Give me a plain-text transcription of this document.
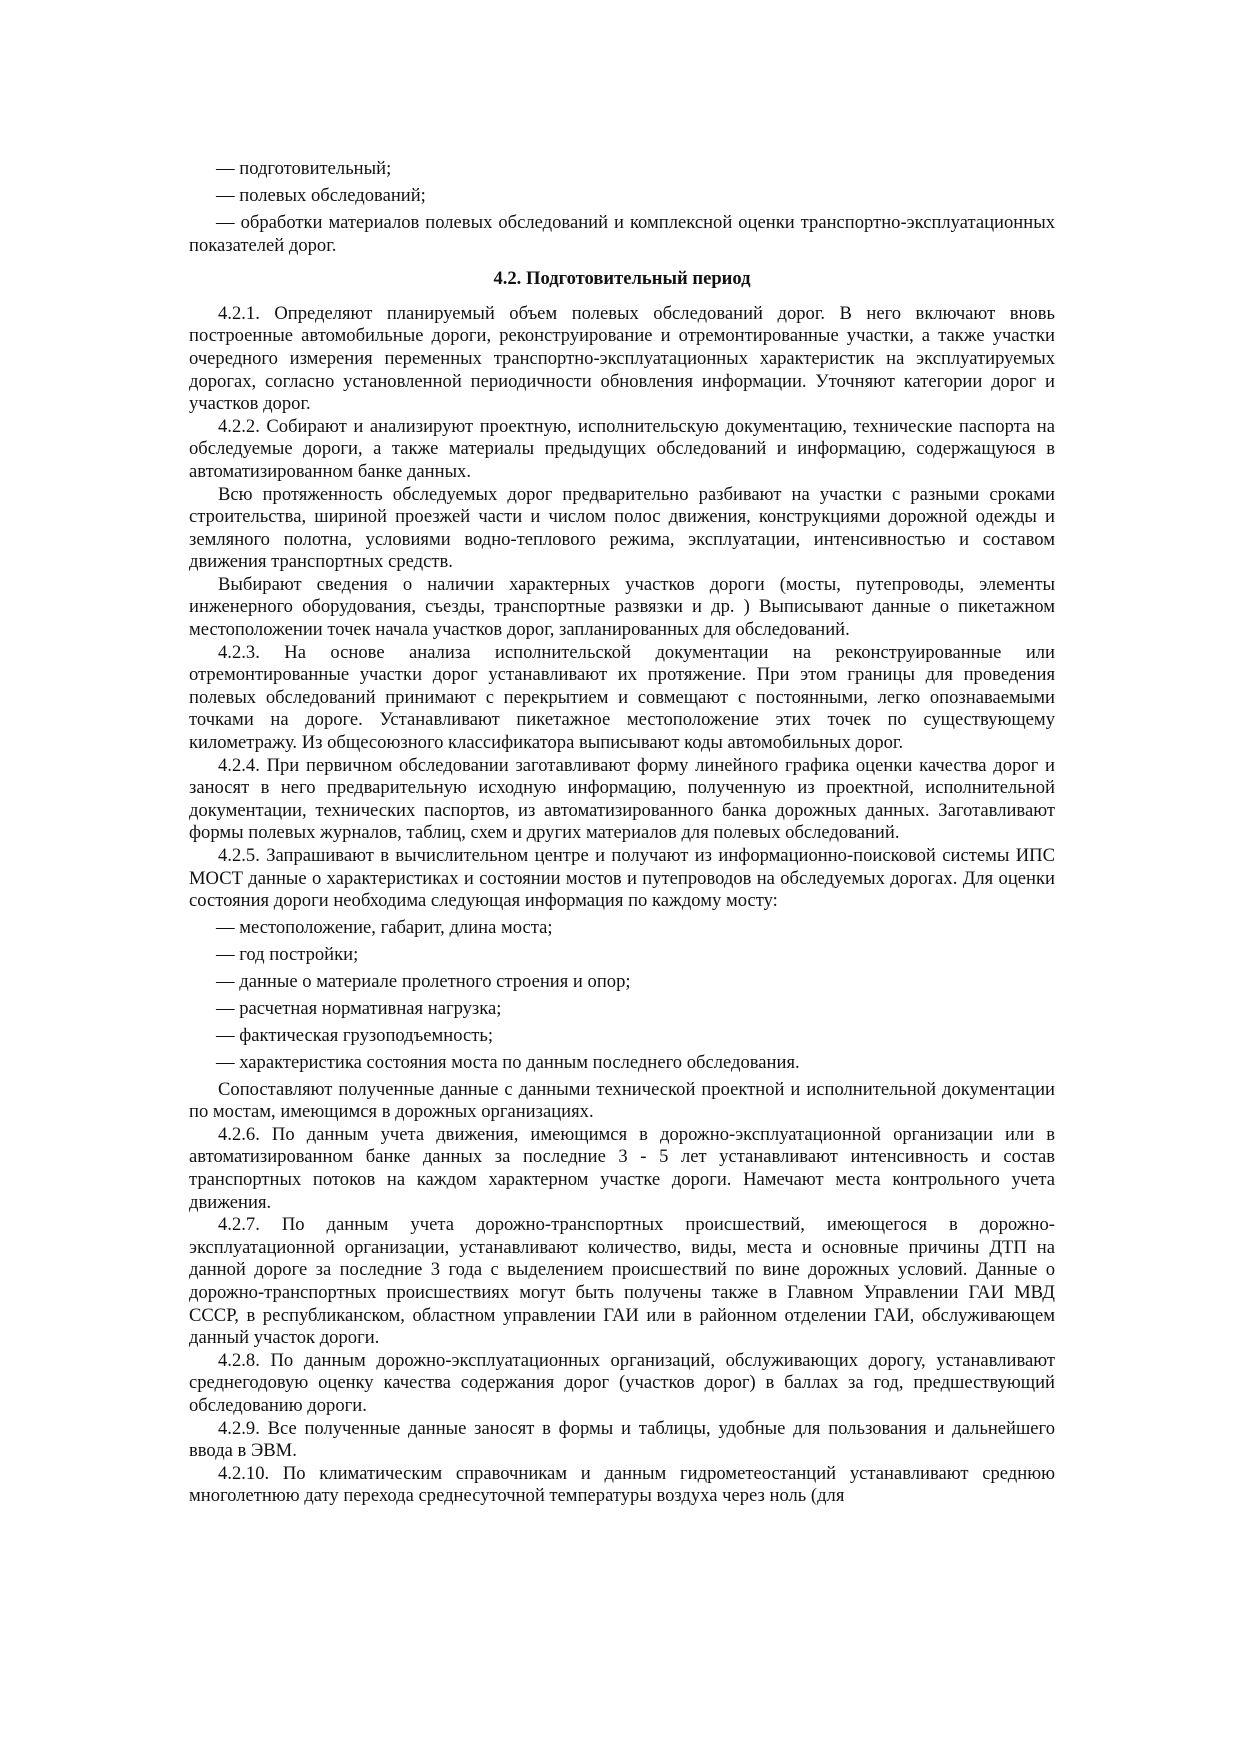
— подготовительный;

— полевых обследований;

— обработки материалов полевых обследований и комплексной оценки транспортно-эксплуатационных показателей дорог.

4.2. Подготовительный период

4.2.1. Определяют планируемый объем полевых обследований дорог. В него включают вновь построенные автомобильные дороги, реконструирование и отремонтированные участки, а также участки очередного измерения переменных транспортно-эксплуатационных характеристик на эксплуатируемых дорогах, согласно установленной периодичности обновления информации. Уточняют категории дорог и участков дорог.

4.2.2. Собирают и анализируют проектную, исполнительскую документацию, технические паспорта на обследуемые дороги, а также материалы предыдущих обследований и информацию, содержащуюся в автоматизированном банке данных.

Всю протяженность обследуемых дорог предварительно разбивают на участки с разными сроками строительства, шириной проезжей части и числом полос движения, конструкциями дорожной одежды и земляного полотна, условиями водно-теплового режима, эксплуатации, интенсивностью и составом движения транспортных средств.

Выбирают сведения о наличии характерных участков дороги (мосты, путепроводы, элементы инженерного оборудования, съезды, транспортные развязки и др. ) Выписывают данные о пикетажном местоположении точек начала участков дорог, запланированных для обследований.

4.2.3. На основе анализа исполнительской документации на реконструированные или отремонтированные участки дорог устанавливают их протяжение. При этом границы для проведения полевых обследований принимают с перекрытием и совмещают с постоянными, легко опознаваемыми точками на дороге. Устанавливают пикетажное местоположение этих точек по существующему километражу. Из общесоюзного классификатора выписывают коды автомобильных дорог.

4.2.4. При первичном обследовании заготавливают форму линейного графика оценки качества дорог и заносят в него предварительную исходную информацию, полученную из проектной, исполнительной документации, технических паспортов, из автоматизированного банка дорожных данных. Заготавливают формы полевых журналов, таблиц, схем и других материалов для полевых обследований.

4.2.5. Запрашивают в вычислительном центре и получают из информационно-поисковой системы ИПС МОСТ данные о характеристиках и состоянии мостов и путепроводов на обследуемых дорогах. Для оценки состояния дороги необходима следующая информация по каждому мосту:

— местоположение, габарит, длина моста;

— год постройки;

— данные о материале пролетного строения и опор;

— расчетная нормативная нагрузка;

— фактическая грузоподъемность;

— характеристика состояния моста по данным последнего обследования.

Сопоставляют полученные данные с данными технической проектной и исполнительной документации по мостам, имеющимся в дорожных организациях.

4.2.6. По данным учета движения, имеющимся в дорожно-эксплуатационной организации или в автоматизированном банке данных за последние 3 - 5 лет устанавливают интенсивность и состав транспортных потоков на каждом характерном участке дороги. Намечают места контрольного учета движения.

4.2.7. По данным учета дорожно-транспортных происшествий, имеющегося в дорожно-эксплуатационной организации, устанавливают количество, виды, места и основные причины ДТП на данной дороге за последние 3 года с выделением происшествий по вине дорожных условий. Данные о дорожно-транспортных происшествиях могут быть получены также в Главном Управлении ГАИ МВД СССР, в республиканском, областном управлении ГАИ или в районном отделении ГАИ, обслуживающем данный участок дороги.

4.2.8. По данным дорожно-эксплуатационных организаций, обслуживающих дорогу, устанавливают среднегодовую оценку качества содержания дорог (участков дорог) в баллах за год, предшествующий обследованию дороги.

4.2.9. Все полученные данные заносят в формы и таблицы, удобные для пользования и дальнейшего ввода в ЭВМ.

4.2.10. По климатическим справочникам и данным гидрометеостанций устанавливают среднюю многолетнюю дату перехода среднесуточной температуры воздуха через ноль (для
